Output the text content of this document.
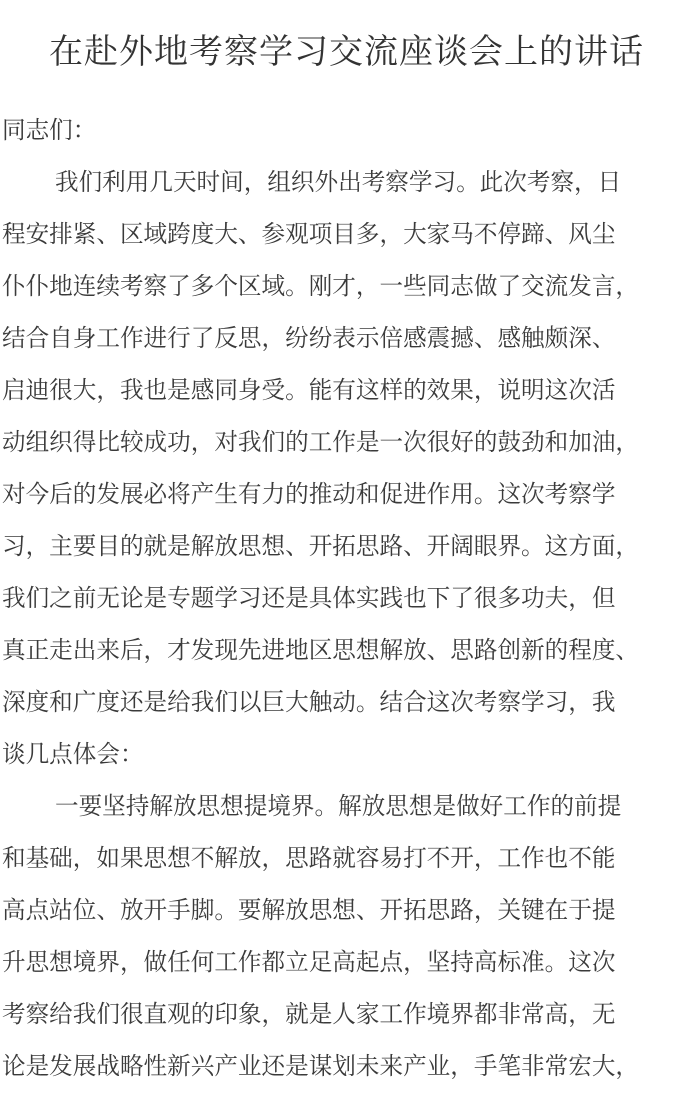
在赴外地考察学习交流座谈会上的讲话
同志们：
我们利用几天时间，组织外出考察学习。此次考察，日
程安排紧、区域跨度大、参观项目多，大家马不停蹄、风尘
仆仆地连续考察了多个区域。刚才，一些同志做了交流发言，
结合自身工作进行了反思，纷纷表示倍感震撼、感触颇深、
启迪很大，我也是感同身受。能有这样的效果，说明这次活
动组织得比较成功，对我们的工作是一次很好的鼓劲和加油，
对今后的发展必将产生有力的推动和促进作用。这次考察学
习，主要目的就是解放思想、开拓思路、开阔眼界。这方面，
我们之前无论是专题学习还是具体实践也下了很多功夫，但
真正走出来后，才发现先进地区思想解放、思路创新的程度、
深度和广度还是给我们以巨大触动。结合这次考察学习，我
谈几点体会：
一要坚持解放思想提境界。解放思想是做好工作的前提
和基础，如果思想不解放，思路就容易打不开，工作也不能
高点站位、放开手脚。要解放思想、开拓思路，关键在于提
升思想境界，做任何工作都立足高起点，坚持高标准。这次
考察给我们很直观的印象，就是人家工作境界都非常高，无
论是发展战略性新兴产业还是谋划未来产业，手笔非常宏大，
